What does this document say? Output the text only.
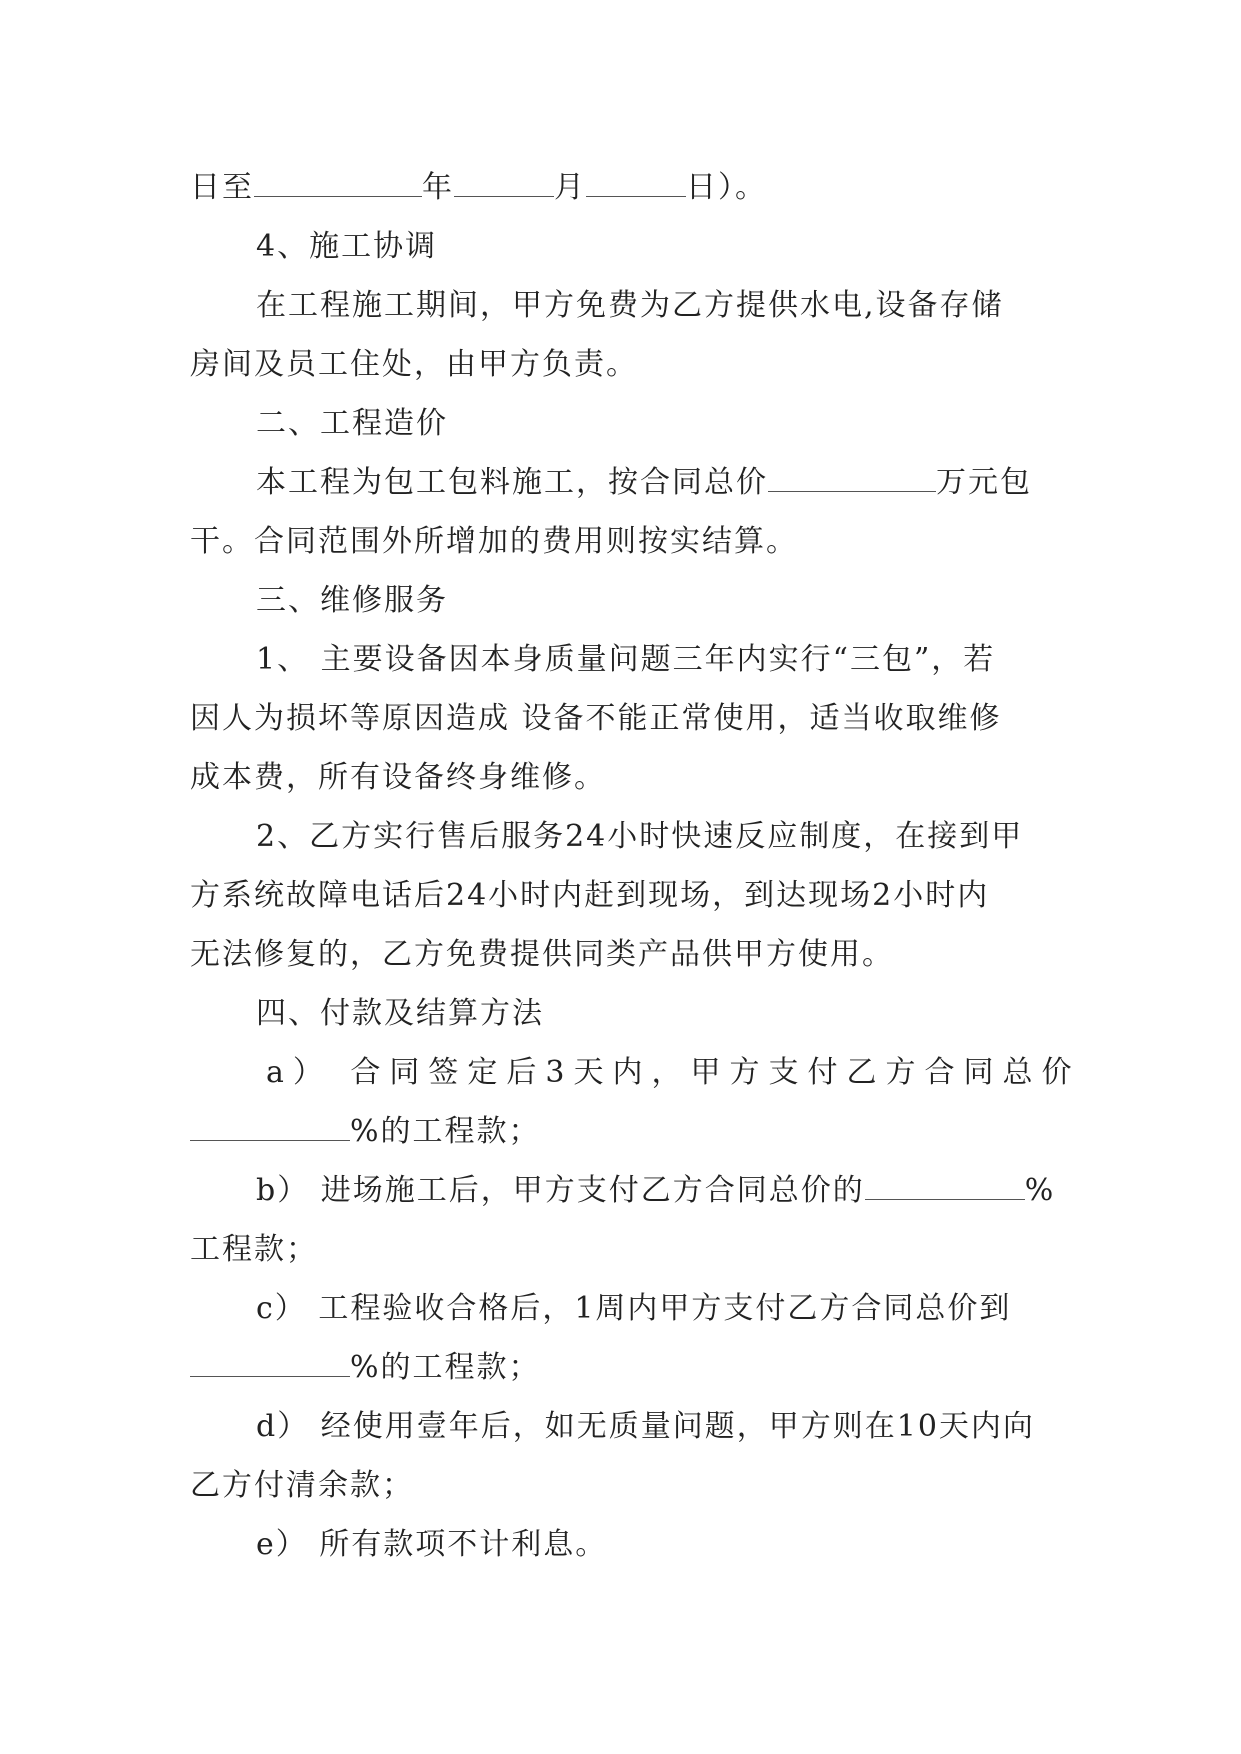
日至	年	月	日）。
4、施工协调
在工程施工期间，甲方免费为乙方提供水电,设备存储
房间及员工住处，由甲方负责。
二、工程造价
本工程为包工包料施工，按合同总价	万元包
干。合同范围外所增加的费用则按实结算。
三、维修服务
1、 主要设备因本身质量问题三年内实行“三包”，若
因人为损坏等原因造成 设备不能正常使用，适当收取维修
成本费，所有设备终身维修。
2、乙方实行售后服务24小时快速反应制度，在接到甲
方系统故障电话后24小时内赶到现场，到达现场2小时内
无法修复的，乙方免费提供同类产品供甲方使用。
四、付款及结算方法
a） 合同签定后3天内，甲方支付乙方合同总价
%的工程款；
b） 进场施工后，甲方支付乙方合同总价的	%
工程款；
c） 工程验收合格后，1周内甲方支付乙方合同总价到
%的工程款；
d） 经使用壹年后，如无质量问题，甲方则在10天内向
乙方付清余款；
e） 所有款项不计利息。
